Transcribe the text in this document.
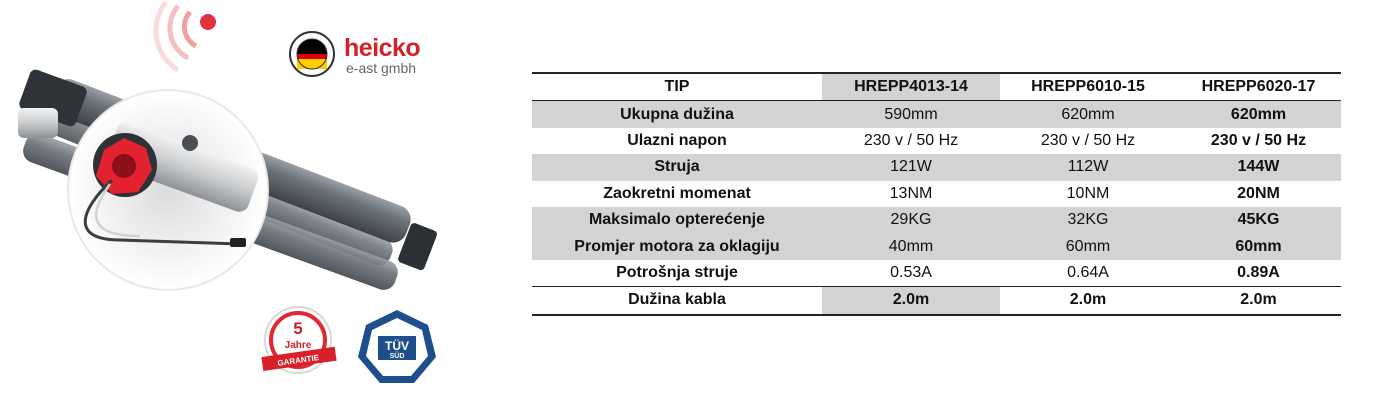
5
Jahre
GARANTIE
TÜV
SÜD
heicko
e-ast gmbh
TIP	HREPP4013-14	HREPP6010-15	HREPP6020-17
Ukupna dužina	590mm	620mm	620mm
Ulazni napon	230 v / 50 Hz	230 v / 50 Hz	230 v / 50 Hz
Struja	121W	112W	144W
Zaokretni momenat	13NM	10NM	20NM
Maksimalo opterećenje	29KG	32KG	45KG
Promjer motora za oklagiju	40mm	60mm	60mm
Potrošnja struje	0.53A	0.64A	0.89A
Dužina kabla	2.0m	2.0m	2.0m
